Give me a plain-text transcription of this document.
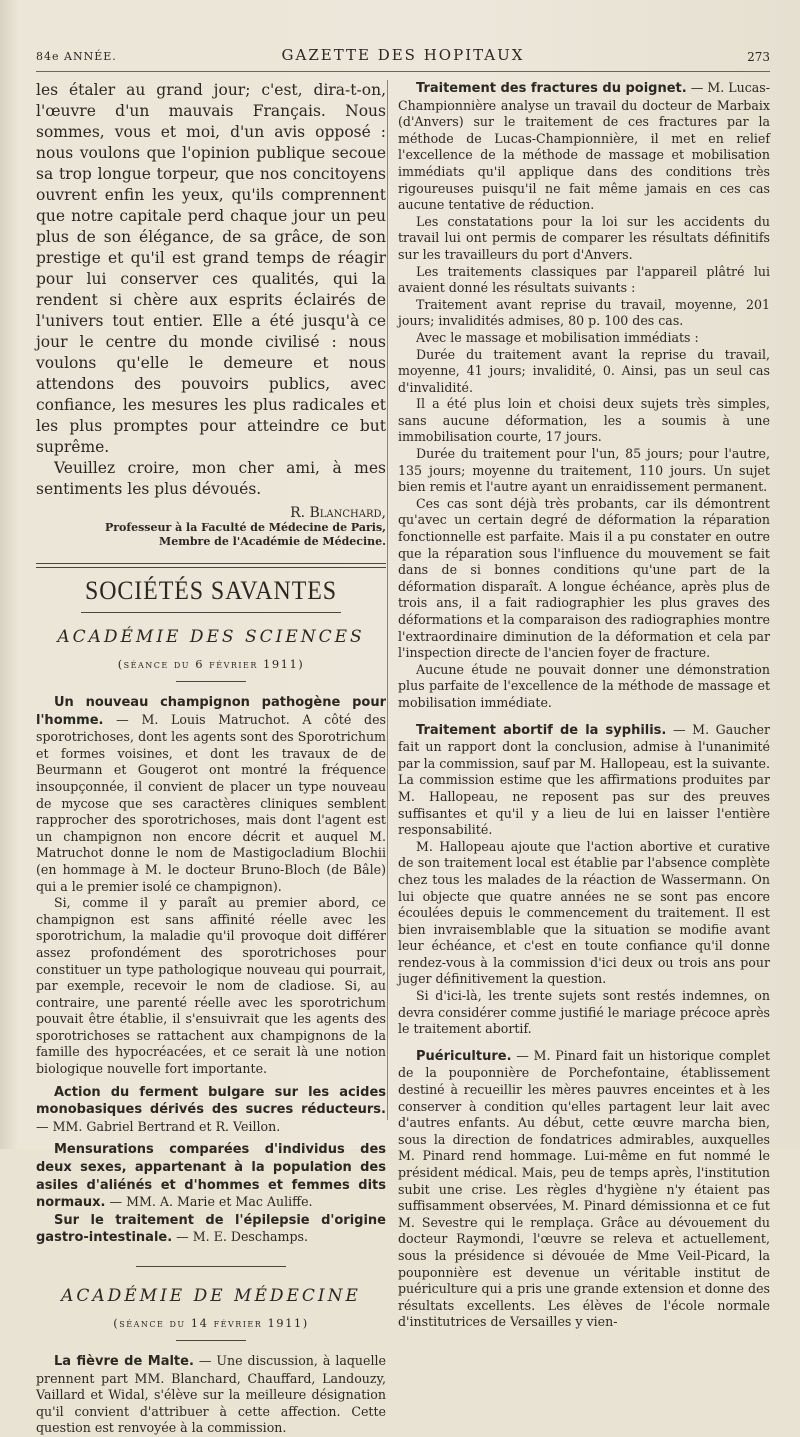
84e ANNÉE.	GAZETTE DES HOPITAUX	273

les étaler au grand jour; c'est, dira-t-on, l'œuvre d'un mauvais Français. Nous sommes, vous et moi, d'un avis opposé : nous voulons que l'opinion publique secoue sa trop longue torpeur, que nos concitoyens ouvrent enfin les yeux, qu'ils comprennent que notre capitale perd chaque jour un peu plus de son élégance, de sa grâce, de son prestige et qu'il est grand temps de réagir pour lui conserver ces qualités, qui la rendent si chère aux esprits éclairés de l'univers tout entier. Elle a été jusqu'à ce jour le centre du monde civilisé : nous voulons qu'elle le demeure et nous attendons des pouvoirs publics, avec confiance, les mesures les plus radicales et les plus promptes pour atteindre ce but suprême.

Veuillez croire, mon cher ami, à mes sentiments les plus dévoués.

R. Blanchard,
Professeur à la Faculté de Médecine de Paris,
Membre de l'Académie de Médecine.
SOCIÉTÉS SAVANTES
ACADÉMIE DES SCIENCES
(séance du 6 février 1911)

Un nouveau champignon pathogène pour l'homme. — M. Louis Matruchot. A côté des sporotrichoses, dont les agents sont des Sporotrichum et formes voisines, et dont les travaux de de Beurmann et Gougerot ont montré la fréquence insoupçonnée, il convient de placer un type nouveau de mycose que ses caractères cliniques semblent rapprocher des sporotrichoses, mais dont l'agent est un champignon non encore décrit et auquel M. Matruchot donne le nom de Mastigocladium Blochii (en hommage à M. le docteur Bruno-Bloch (de Bâle) qui a le premier isolé ce champignon).

Si, comme il y paraît au premier abord, ce champignon est sans affinité réelle avec les sporotrichum, la maladie qu'il provoque doit différer assez profondément des sporotrichoses pour constituer un type pathologique nouveau qui pourrait, par exemple, recevoir le nom de cladiose. Si, au contraire, une parenté réelle avec les sporotrichum pouvait être établie, il s'ensuivrait que les agents des sporotrichoses se rattachent aux champignons de la famille des hypocréacées, et ce serait là une notion biologique nouvelle fort importante.

Action du ferment bulgare sur les acides monobasiques dérivés des sucres réducteurs. — MM. Gabriel Bertrand et R. Veillon.

Mensurations comparées d'individus des deux sexes, appartenant à la population des asiles d'aliénés et d'hommes et femmes dits normaux. — MM. A. Marie et Mac Auliffe.

Sur le traitement de l'épilepsie d'origine gastro-intestinale. — M. E. Deschamps.

ACADÉMIE DE MÉDECINE
(séance du 14 février 1911)

La fièvre de Malte. — Une discussion, à laquelle prennent part MM. Blanchard, Chauffard, Landouzy, Vaillard et Widal, s'élève sur la meilleure désignation qu'il convient d'attribuer à cette affection. Cette question est renvoyée à la commission.

Traitement des fractures du poignet. — M. Lucas-Championnière analyse un travail du docteur de Marbaix (d'Anvers) sur le traitement de ces fractures par la méthode de Lucas-Championnière, il met en relief l'excellence de la méthode de massage et mobilisation immédiats qu'il applique dans des conditions très rigoureuses puisqu'il ne fait même jamais en ces cas aucune tentative de réduction.

Les constatations pour la loi sur les accidents du travail lui ont permis de comparer les résultats définitifs sur les travailleurs du port d'Anvers.

Les traitements classiques par l'appareil plâtré lui avaient donné les résultats suivants :

Traitement avant reprise du travail, moyenne, 201 jours; invalidités admises, 80 p. 100 des cas.

Avec le massage et mobilisation immédiats :

Durée du traitement avant la reprise du travail, moyenne, 41 jours; invalidité, 0. Ainsi, pas un seul cas d'invalidité.

Il a été plus loin et choisi deux sujets très simples, sans aucune déformation, les a soumis à une immobilisation courte, 17 jours.

Durée du traitement pour l'un, 85 jours; pour l'autre, 135 jours; moyenne du traitement, 110 jours. Un sujet bien remis et l'autre ayant un enraidissement permanent.

Ces cas sont déjà très probants, car ils démontrent qu'avec un certain degré de déformation la réparation fonctionnelle est parfaite. Mais il a pu constater en outre que la réparation sous l'influence du mouvement se fait dans de si bonnes conditions qu'une part de la déformation disparaît. A longue échéance, après plus de trois ans, il a fait radiographier les plus graves des déformations et la comparaison des radiographies montre l'extraordinaire diminution de la déformation et cela par l'inspection directe de l'ancien foyer de fracture.

Aucune étude ne pouvait donner une démonstration plus parfaite de l'excellence de la méthode de massage et mobilisation immédiate.

Traitement abortif de la syphilis. — M. Gaucher fait un rapport dont la conclusion, admise à l'unanimité par la commission, sauf par M. Hallopeau, est la suivante. La commission estime que les affirmations produites par M. Hallopeau, ne reposent pas sur des preuves suffisantes et qu'il y a lieu de lui en laisser l'entière responsabilité.

M. Hallopeau ajoute que l'action abortive et curative de son traitement local est établie par l'absence complète chez tous les malades de la réaction de Wassermann. On lui objecte que quatre années ne se sont pas encore écoulées depuis le commencement du traitement. Il est bien invraisemblable que la situation se modifie avant leur échéance, et c'est en toute confiance qu'il donne rendez-vous à la commission d'ici deux ou trois ans pour juger définitivement la question.

Si d'ici-là, les trente sujets sont restés indemnes, on devra considérer comme justifié le mariage précoce après le traitement abortif.

Puériculture. — M. Pinard fait un historique complet de la pouponnière de Porchefontaine, établissement destiné à recueillir les mères pauvres enceintes et à les conserver à condition qu'elles partagent leur lait avec d'autres enfants. Au début, cette œuvre marcha bien, sous la direction de fondatrices admirables, auxquelles M. Pinard rend hommage. Lui-même en fut nommé le président médical. Mais, peu de temps après, l'institution subit une crise. Les règles d'hygiène n'y étaient pas suffisamment observées, M. Pinard démissionna et ce fut M. Sevestre qui le remplaça. Grâce au dévouement du docteur Raymondi, l'œuvre se releva et actuellement, sous la présidence si dévouée de Mme Veil-Picard, la pouponnière est devenue un véritable institut de puériculture qui a pris une grande extension et donne des résultats excellents. Les élèves de l'école normale d'institutrices de Versailles y vien-
